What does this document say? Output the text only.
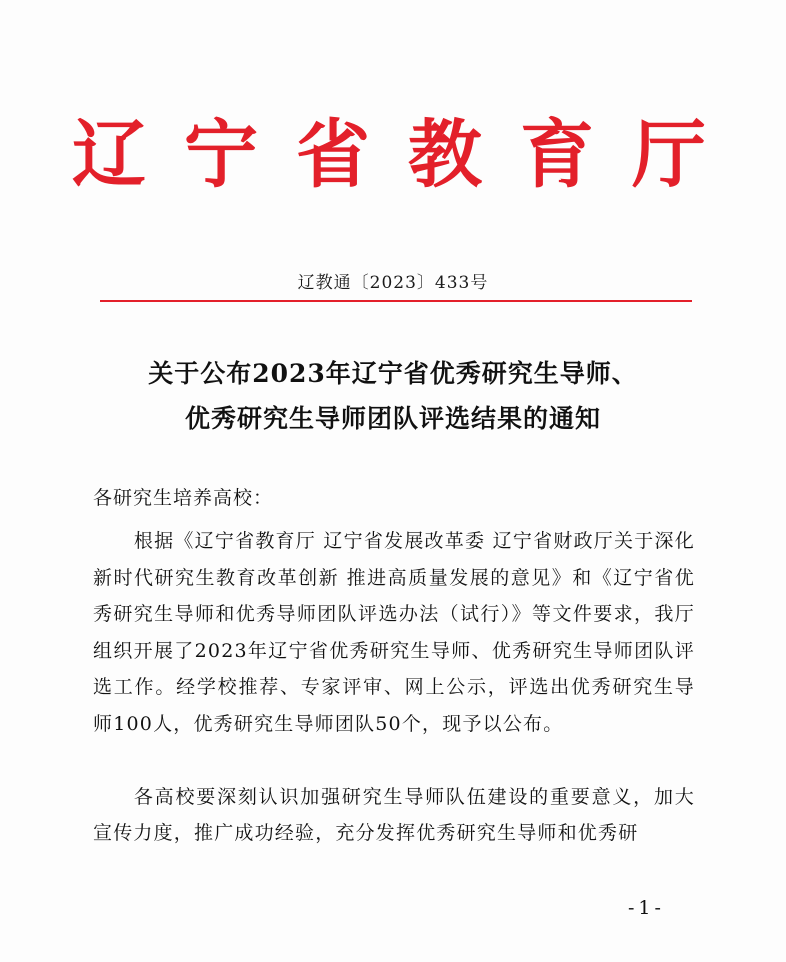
辽宁省教育厅
辽教通〔2023〕433号
关于公布2023年辽宁省优秀研究生导师、
优秀研究生导师团队评选结果的通知
各研究生培养高校：

根据《辽宁省教育厅 辽宁省发展改革委 辽宁省财政厅关于深化新时代研究生教育改革创新 推进高质量发展的意见》和《辽宁省优秀研究生导师和优秀导师团队评选办法（试行）》等文件要求，我厅组织开展了2023年辽宁省优秀研究生导师、优秀研究生导师团队评选工作。经学校推荐、专家评审、网上公示，评选出优秀研究生导师100人，优秀研究生导师团队50个，现予以公布。

各高校要深刻认识加强研究生导师队伍建设的重要意义，加大宣传力度，推广成功经验，充分发挥优秀研究生导师和优秀研

-1-
